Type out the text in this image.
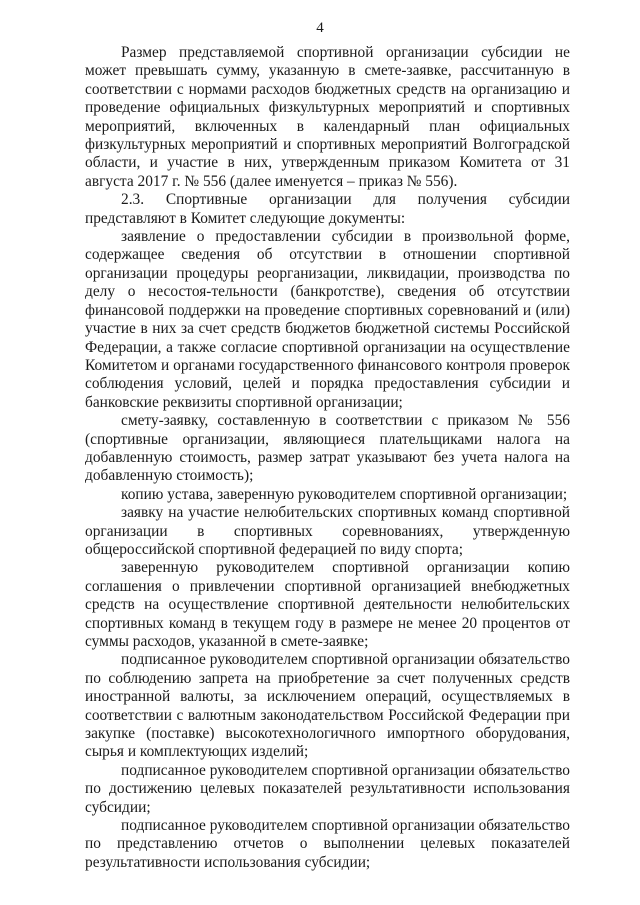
4

Размер представляемой спортивной организации субсидии не может превышать сумму, указанную в смете-заявке, рассчитанную в соответствии с нормами расходов бюджетных средств на организацию и проведение официальных физкультурных мероприятий и спортивных мероприятий, включенных в календарный план официальных физкультурных мероприятий и спортивных мероприятий Волгоградской области, и участие в них, утвержденным приказом Комитета от 31 августа 2017 г. № 556 (далее именуется – приказ № 556).

2.3. Спортивные организации для получения субсидии представляют в Комитет следующие документы:

заявление о предоставлении субсидии в произвольной форме, содержащее сведения об отсутствии в отношении спортивной организации процедуры реорганизации, ликвидации, производства по делу о несостоя-тельности (банкротстве), сведения об отсутствии финансовой поддержки на проведение спортивных соревнований и (или) участие в них за счет средств бюджетов бюджетной системы Российской Федерации, а также согласие спортивной организации на осуществление Комитетом и органами государственного финансового контроля проверок соблюдения условий, целей и порядка предоставления субсидии и банковские реквизиты спортивной организации;

смету-заявку, составленную в соответствии с приказом № 556 (спортивные организации, являющиеся плательщиками налога на добавленную стоимость, размер затрат указывают без учета налога на добавленную стоимость);

копию устава, заверенную руководителем спортивной организации;

заявку на участие нелюбительских спортивных команд спортивной организации в спортивных соревнованиях, утвержденную общероссийской спортивной федерацией по виду спорта;

заверенную руководителем спортивной организации копию соглашения о привлечении спортивной организацией внебюджетных средств на осуществление спортивной деятельности нелюбительских спортивных команд в текущем году в размере не менее 20 процентов от суммы расходов, указанной в смете-заявке;

подписанное руководителем спортивной организации обязательство по соблюдению запрета на приобретение за счет полученных средств иностранной валюты, за исключением операций, осуществляемых в соответствии с валютным законодательством Российской Федерации при закупке (поставке) высокотехнологичного импортного оборудования, сырья и комплектующих изделий;

подписанное руководителем спортивной организации обязательство по достижению целевых показателей результативности использования субсидии;

подписанное руководителем спортивной организации обязательство по представлению отчетов о выполнении целевых показателей результативности использования субсидии;
